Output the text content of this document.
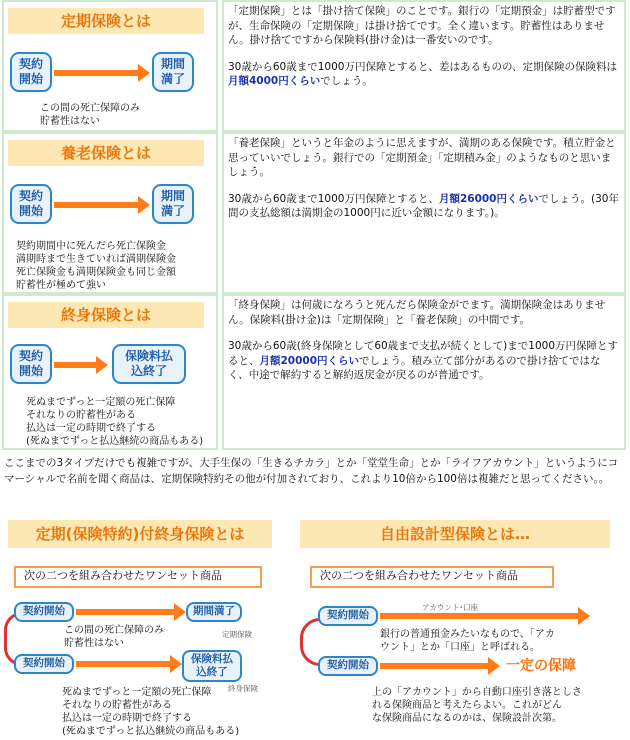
定期保険とは
契約
開始
期間
満了
この間の死亡保障のみ
貯蓄性はない
「定期保険」とは「掛け捨て保険」のことです。銀行の「定期預金」は貯蓄型ですが、生命保険の「定期保険」は掛け捨てです。全く違います。貯蓄性はありません。掛け捨てですから保険料(掛け金)は一番安いのです。
30歳から60歳まで1000万円保障とすると、差はあるものの、定期保険の保険料は月額4000円くらいでしょう。
養老保険とは
契約
開始
期間
満了
契約期間中に死んだら死亡保険金
満期時まで生きていれば満期保険金
死亡保険金も満期保険金も同じ金額
貯蓄性が極めて強い
「養老保険」というと年金のように思えますが、満期のある保険です。積立貯金と思っていいでしょう。銀行での「定期預金」「定期積み金」のようなものと思いましょう。
30歳から60歳まで1000万円保障とすると、月額26000円くらいでしょう。(30年間の支払総額は満期金の1000円に近い金額になります。)。
終身保険とは
契約
開始
保険料払
込終了
死ぬまでずっと一定額の死亡保障
それなりの貯蓄性がある
払込は一定の時期で終了する
(死ぬまでずっと払込継続の商品もある)
「終身保険」は何歳になろうと死んだら保険金がでます。満期保険金はありません。保険料(掛け金)は「定期保険」と「養老保険」の中間です。
30歳から60歳(終身保険として60歳まで支払が続くとして)まで1000万円保障とすると、月額20000円くらいでしょう。積み立て部分があるので掛け捨てではなく、中途で解約すると解約返戻金が戻るのが普通です。
ここまでの3タイプだけでも複雑ですが、大手生保の「生きるチカラ」とか「堂堂生命」とか「ライフアカウント」というようにコマーシャルで名前を聞く商品は、定期保険特約その他が付加されており、これより10倍から100倍は複雑だと思ってください。。
定期(保険特約)付終身保険とは
次の二つを組み合わせたワンセット商品
契約開始	期間満了
定期保険
この間の死亡保障のみ
貯蓄性はない
契約開始	保険料払
込終了
終身保険
死ぬまでずっと一定額の死亡保障
それなりの貯蓄性がある
払込は一定の時期で終了する
(死ぬまでずっと払込継続の商品もある)
自由設計型保険とは…
次の二つを組み合わせたワンセット商品
契約開始
アカウント･口座
銀行の普通預金みたいなもので、「アカ
ウント」とか「口座」と呼ばれる。
契約開始	一定の保障
上の「アカウント」から自動口座引き落としさ
れる保険商品と考えたらよい。これがどん
な保険商品になるのかは、保険設計次第。
